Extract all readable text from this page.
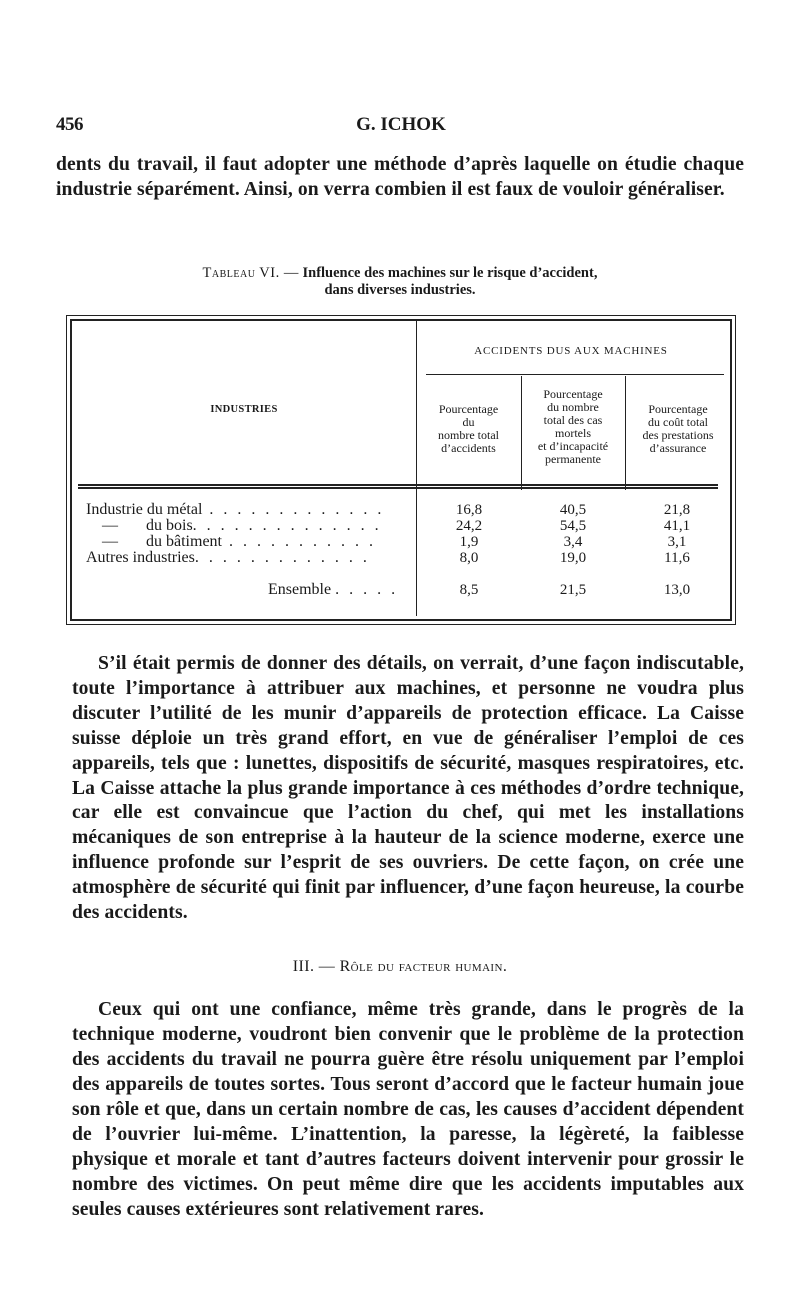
456	G. ICHOK

dents du travail, il faut adopter une méthode d’après laquelle on étudie chaque industrie séparément. Ainsi, on verra combien il est faux de vouloir généraliser.

Tableau VI. — Influence des machines sur le risque d’accident,
dans diverses industries.
INDUSTRIES
ACCIDENTS DUS AUX MACHINES
Pourcentage
du
nombre total
d’accidents
Pourcentage
du nombre
total des cas
mortels
et d’incapacité
permanente
Pourcentage
du coût total
des prestations
d’assurance
Industrie du métal . . . . . . . . . . . . .	16,8	40,5	21,8
—       du bois. . . . . . . . . . . . . .	24,2	54,5	41,1
—       du bâtiment . . . . . . . . . . .	1,9	3,4	3,1
Autres industries. . . . . . . . . . . . .	8,0	19,0	11,6
Ensemble . . . . .	8,5	21,5	13,0

S’il était permis de donner des détails, on verrait, d’une façon indiscutable, toute l’importance à attribuer aux machines, et personne ne voudra plus discuter l’utilité de les munir d’appareils de protection efficace. La Caisse suisse déploie un très grand effort, en vue de généraliser l’emploi de ces appareils, tels que : lunettes, dispositifs de sécurité, masques respiratoires, etc. La Caisse attache la plus grande importance à ces méthodes d’ordre technique, car elle est convaincue que l’action du chef, qui met les installations mécaniques de son entreprise à la hauteur de la science moderne, exerce une influence profonde sur l’esprit de ses ouvriers. De cette façon, on crée une atmosphère de sécurité qui finit par influencer, d’une façon heureuse, la courbe des accidents.

III. — Rôle du facteur humain.

Ceux qui ont une confiance, même très grande, dans le progrès de la technique moderne, voudront bien convenir que le problème de la protection des accidents du travail ne pourra guère être résolu uniquement par l’emploi des appareils de toutes sortes. Tous seront d’accord que le facteur humain joue son rôle et que, dans un certain nombre de cas, les causes d’accident dépendent de l’ouvrier lui-même. L’inattention, la paresse, la légèreté, la faiblesse physique et morale et tant d’autres facteurs doivent intervenir pour grossir le nombre des victimes. On peut même dire que les accidents imputables aux seules causes extérieures sont relativement rares.
